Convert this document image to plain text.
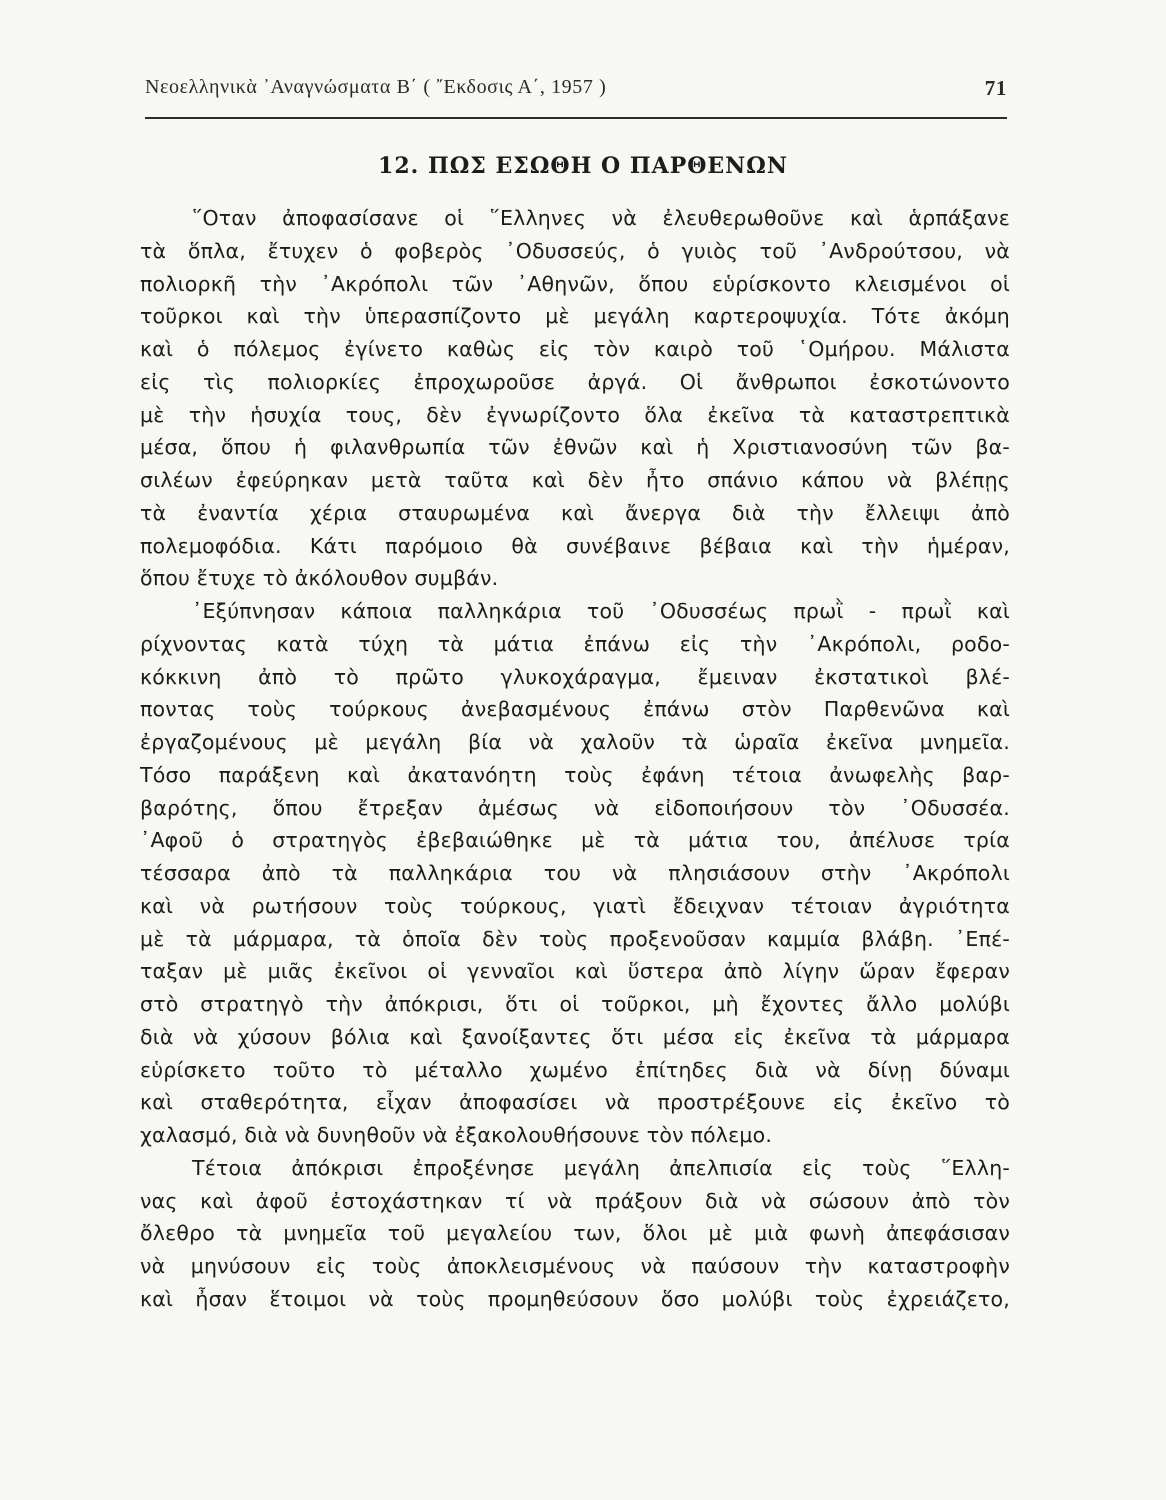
Νεοελληνικὰ ᾽Αναγνώσματα Β΄ ( ῎Εκδοσις Α΄, 1957 )	71
12. ΠΩΣ ΕΣΩΘΗ Ο ΠΑΡΘΕΝΩΝ
῞Οταν ἀποφασίσανε οἱ ῞Ελληνες νὰ ἐλευθερωθοῦνε καὶ ἁρπάξανε
τὰ ὅπλα, ἔτυχεν ὁ φοβερὸς ᾽Οδυσσεύς, ὁ γυιὸς τοῦ ᾽Ανδρούτσου, νὰ
πολιορκῆ τὴν ᾽Ακρόπολι τῶν ᾽Αθηνῶν, ὅπου εὑρίσκοντο κλεισμένοι οἱ
τοῦρκοι καὶ τὴν ὑπερασπίζοντο μὲ μεγάλη καρτεροψυχία. Τότε ἀκόμη
καὶ ὁ πόλεμος ἐγίνετο καθὼς εἰς τὸν καιρὸ τοῦ ῾Ομήρου. Μάλιστα
εἰς τὶς πολιορκίες ἐπροχωροῦσε ἀργά. Οἱ ἄνθρωποι ἐσκοτώνοντο
μὲ τὴν ἡσυχία τους, δὲν ἐγνωρίζοντο ὅλα ἐκεῖνα τὰ καταστρεπτικὰ
μέσα, ὅπου ἡ φιλανθρωπία τῶν ἐθνῶν καὶ ἡ Χριστιανοσύνη τῶν βα-
σιλέων ἐφεύρηκαν μετὰ ταῦτα καὶ δὲν ἦτο σπάνιο κάπου νὰ βλέπῃς
τὰ ἐναντία χέρια σταυρωμένα καὶ ἄνεργα διὰ τὴν ἔλλειψι ἀπὸ
πολεμοφόδια. Κάτι παρόμοιο θὰ συνέβαινε βέβαια καὶ τὴν ἡμέραν,
ὅπου ἔτυχε τὸ ἀκόλουθον συμβάν.
᾽Εξύπνησαν κάποια παλληκάρια τοῦ ᾽Οδυσσέως πρωῒ - πρωῒ καὶ
ρίχνοντας κατὰ τύχη τὰ μάτια ἐπάνω εἰς τὴν ᾽Ακρόπολι, ροδο-
κόκκινη ἀπὸ τὸ πρῶτο γλυκοχάραγμα, ἔμειναν ἐκστατικοὶ βλέ-
ποντας τοὺς τούρκους ἀνεβασμένους ἐπάνω στὸν Παρθενῶνα καὶ
ἐργαζομένους μὲ μεγάλη βία νὰ χαλοῦν τὰ ὡραῖα ἐκεῖνα μνημεῖα.
Τόσο παράξενη καὶ ἀκατανόητη τοὺς ἐφάνη τέτοια ἀνωφελὴς βαρ-
βαρότης, ὅπου ἔτρεξαν ἀμέσως νὰ εἰδοποιήσουν τὸν ᾽Οδυσσέα.
᾽Αφοῦ ὁ στρατηγὸς ἐβεβαιώθηκε μὲ τὰ μάτια του, ἀπέλυσε τρία
τέσσαρα ἀπὸ τὰ παλληκάρια του νὰ πλησιάσουν στὴν ᾽Ακρόπολι
καὶ νὰ ρωτήσουν τοὺς τούρκους, γιατὶ ἔδειχναν τέτοιαν ἀγριότητα
μὲ τὰ μάρμαρα, τὰ ὁποῖα δὲν τοὺς προξενοῦσαν καμμία βλάβη. ᾽Επέ-
ταξαν μὲ μιᾶς ἐκεῖνοι οἱ γενναῖοι καὶ ὕστερα ἀπὸ λίγην ὥραν ἔφεραν
στὸ στρατηγὸ τὴν ἀπόκρισι, ὅτι οἱ τοῦρκοι, μὴ ἔχοντες ἄλλο μολύβι
διὰ νὰ χύσουν βόλια καὶ ξανοίξαντες ὅτι μέσα εἰς ἐκεῖνα τὰ μάρμαρα
εὑρίσκετο τοῦτο τὸ μέταλλο χωμένο ἐπίτηδες διὰ νὰ δίνῃ δύναμι
καὶ σταθερότητα, εἶχαν ἀποφασίσει νὰ προστρέξουνε εἰς ἐκεῖνο τὸ
χαλασμό, διὰ νὰ δυνηθοῦν νὰ ἐξακολουθήσουνε τὸν πόλεμο.
Τέτοια ἀπόκρισι ἐπροξένησε μεγάλη ἀπελπισία εἰς τοὺς ῞Ελλη-
νας καὶ ἀφοῦ ἐστοχάστηκαν τί νὰ πράξουν διὰ νὰ σώσουν ἀπὸ τὸν
ὄλεθρο τὰ μνημεῖα τοῦ μεγαλείου των, ὅλοι μὲ μιὰ φωνὴ ἀπεφάσισαν
νὰ μηνύσουν εἰς τοὺς ἀποκλεισμένους νὰ παύσουν τὴν καταστροφὴν
καὶ ἦσαν ἕτοιμοι νὰ τοὺς προμηθεύσουν ὅσο μολύβι τοὺς ἐχρειάζετο,
